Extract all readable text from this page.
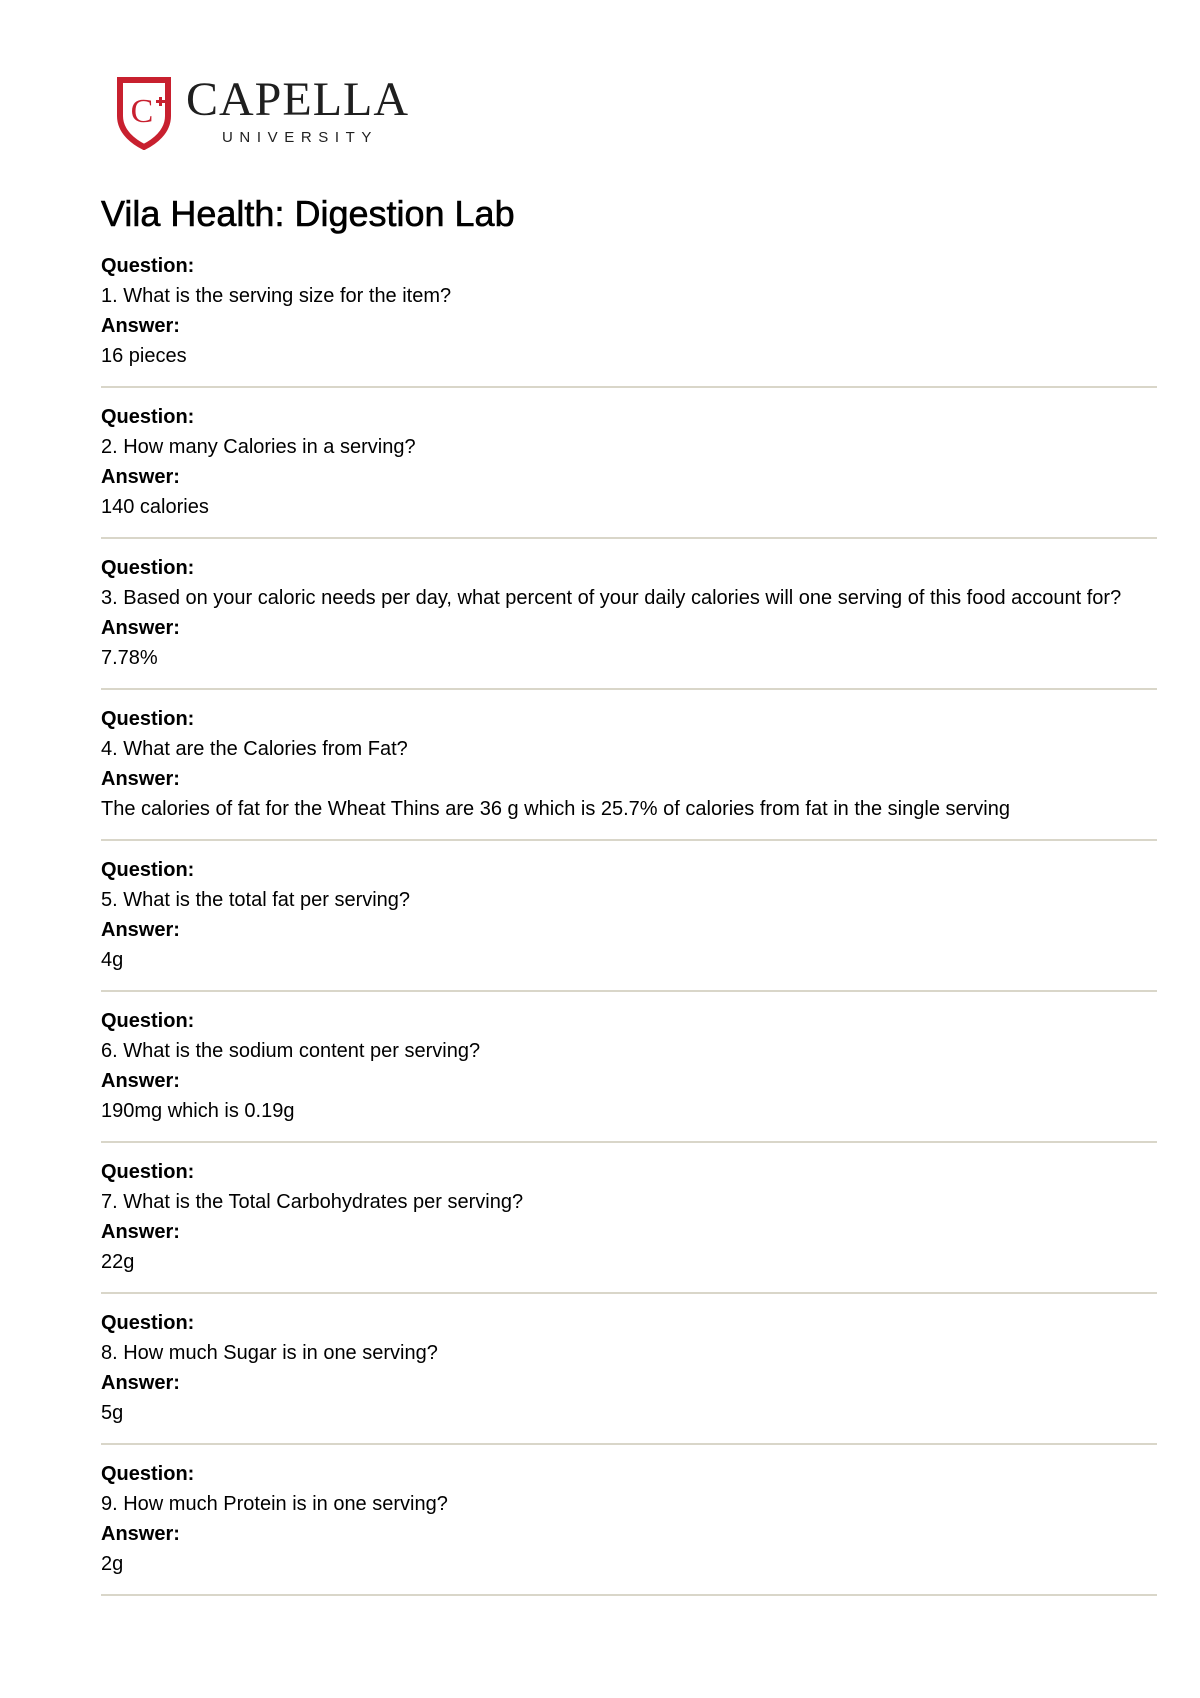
C CAPELLA
UNIVERSITY
Vila Health: Digestion Lab
Question:
1. What is the serving size for the item?
Answer:
16 pieces
Question:
2. How many Calories in a serving?
Answer:
140 calories
Question:
3. Based on your caloric needs per day, what percent of your daily calories will one serving of this food account for?
Answer:
7.78%
Question:
4. What are the Calories from Fat?
Answer:
The calories of fat for the Wheat Thins are 36 g which is 25.7% of calories from fat in the single serving
Question:
5. What is the total fat per serving?
Answer:
4g
Question:
6. What is the sodium content per serving?
Answer:
190mg which is 0.19g
Question:
7. What is the Total Carbohydrates per serving?
Answer:
22g
Question:
8. How much Sugar is in one serving?
Answer:
5g
Question:
9. How much Protein is in one serving?
Answer:
2g
